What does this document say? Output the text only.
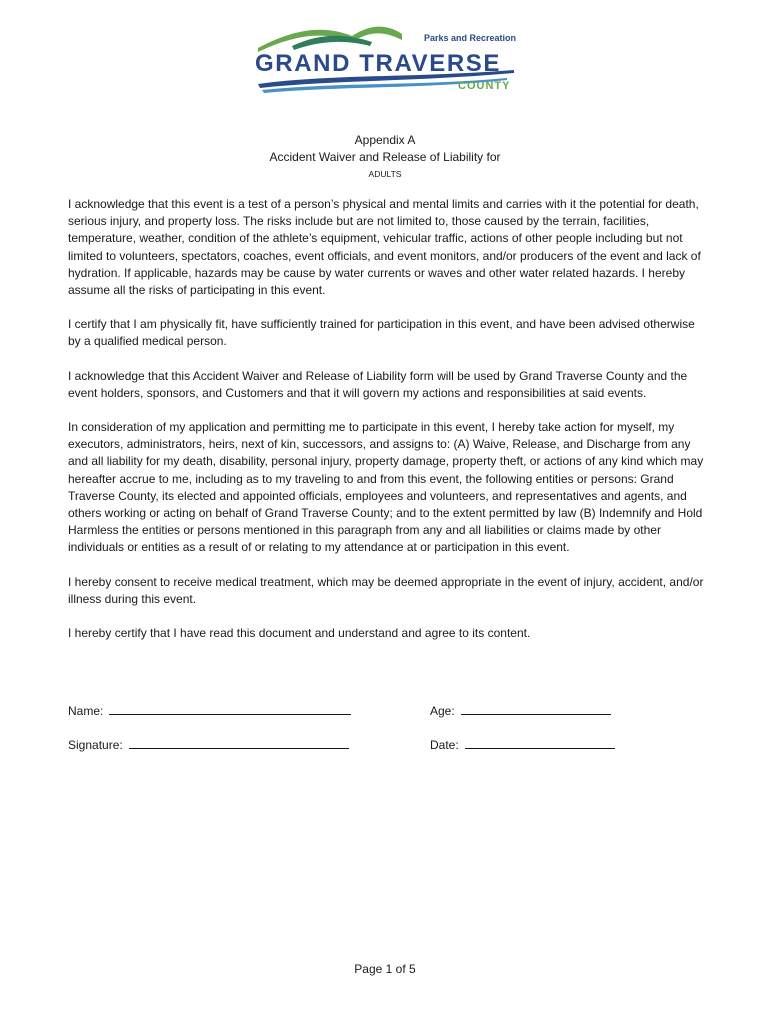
Parks and Recreation
GRAND TRAVERSE
COUNTY

Appendix A

Accident Waiver and Release of Liability for

ADULTS

I acknowledge that this event is a test of a person’s physical and mental limits and carries with it the potential for death, serious injury, and property loss. The risks include but are not limited to, those caused by the terrain, facilities, temperature, weather, condition of the athlete’s equipment, vehicular traffic, actions of other people including but not limited to volunteers, spectators, coaches, event officials, and event monitors, and/or producers of the event and lack of hydration. If applicable, hazards may be cause by water currents or waves and other water related hazards. I hereby assume all the risks of participating in this event.

I certify that I am physically fit, have sufficiently trained for participation in this event, and have been advised otherwise by a qualified medical person.

I acknowledge that this Accident Waiver and Release of Liability form will be used by Grand Traverse County and the event holders, sponsors, and Customers and that it will govern my actions and responsibilities at said events.

In consideration of my application and permitting me to participate in this event, I hereby take action for myself, my executors, administrators, heirs, next of kin, successors, and assigns to: (A) Waive, Release, and Discharge from any and all liability for my death, disability, personal injury, property damage, property theft, or actions of any kind which may hereafter accrue to me, including as to my traveling to and from this event, the following entities or persons: Grand Traverse County, its elected and appointed officials, employees and volunteers, and representatives and agents, and others working or acting on behalf of Grand Traverse County; and to the extent permitted by law (B) Indemnify and Hold Harmless the entities or persons mentioned in this paragraph from any and all liabilities or claims made by other individuals or entities as a result of or relating to my attendance at or participation in this event.

I hereby consent to receive medical treatment, which may be deemed appropriate in the event of injury, accident, and/or illness during this event.

I hereby certify that I have read this document and understand and agree to its content.

Name:	Age:
Signature:	Date:
Page 1 of 5
